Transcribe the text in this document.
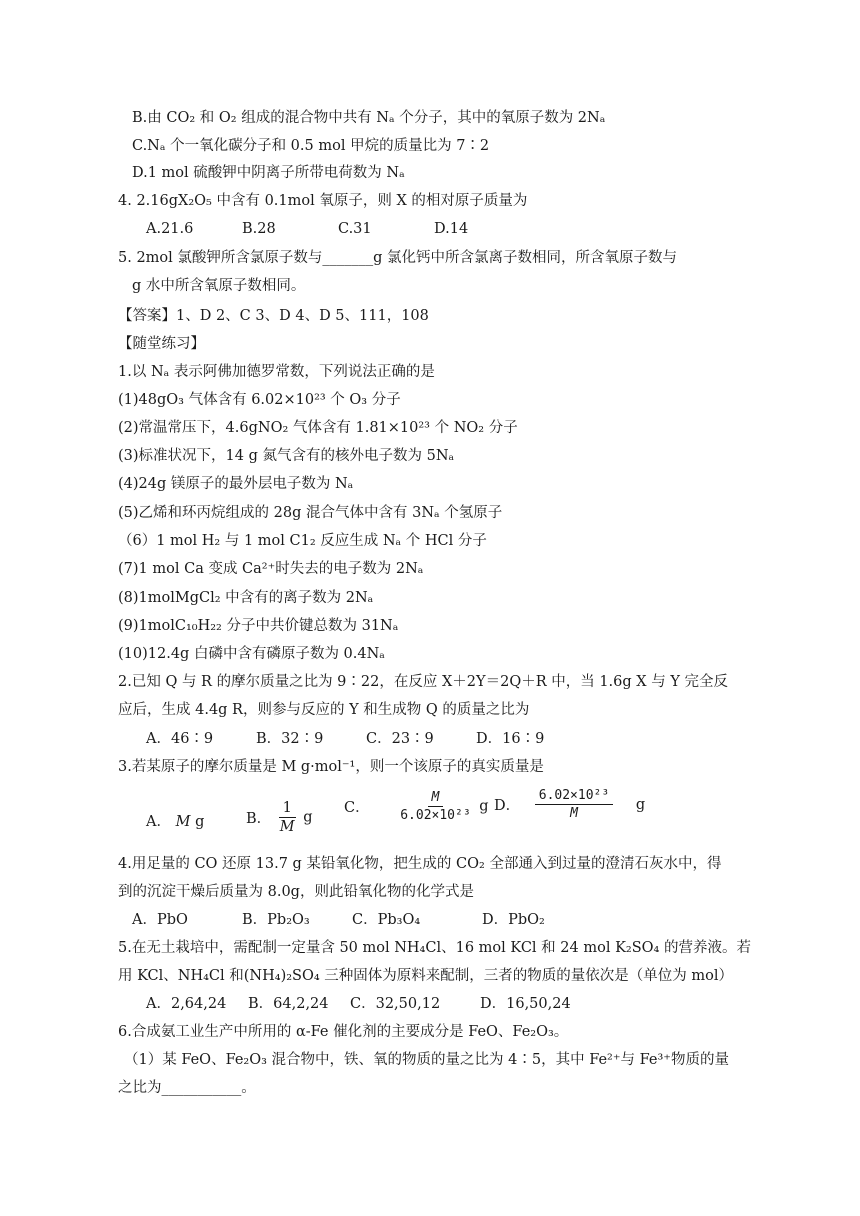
B.由 CO₂ 和 O₂ 组成的混合物中共有 Nₐ 个分子，其中的氧原子数为 2Nₐ
C.Nₐ 个一氧化碳分子和 0.5 mol 甲烷的质量比为 7∶2
D.1 mol 硫酸钾中阴离子所带电荷数为 Nₐ
4. 2.16gX₂O₅ 中含有 0.1mol 氧原子，则 X 的相对原子质量为
A.21.6	B.28	C.31	D.14
5. 2mol 氯酸钾所含氯原子数与_______g 氯化钙中所含氯离子数相同，所含氧原子数与
g 水中所含氧原子数相同。
【答案】1、D 2、C 3、D 4、D 5、111，108
【随堂练习】
1.以 Nₐ 表示阿佛加德罗常数，下列说法正确的是
(1)48gO₃ 气体含有 6.02×10²³ 个 O₃ 分子
(2)常温常压下，4.6gNO₂ 气体含有 1.81×10²³ 个 NO₂ 分子
(3)标准状况下，14 g 氮气含有的核外电子数为 5Nₐ
(4)24g 镁原子的最外层电子数为 Nₐ
(5)乙烯和环丙烷组成的 28g 混合气体中含有 3Nₐ 个氢原子
（6）1 mol H₂ 与 1 mol C1₂ 反应生成 Nₐ 个 HCl 分子
(7)1 mol Ca 变成 Ca²⁺时失去的电子数为 2Nₐ
(8)1molMgCl₂ 中含有的离子数为 2Nₐ
(9)1molC₁₀H₂₂ 分子中共价键总数为 31Nₐ
(10)12.4g 白磷中含有磷原子数为 0.4Nₐ
2.已知 Q 与 R 的摩尔质量之比为 9∶22，在反应 X＋2Y＝2Q＋R 中，当 1.6g X 与 Y 完全反
应后，生成 4.4g R，则参与反应的 Y 和生成物 Q 的质量之比为
A．46∶9	B．32∶9	C．23∶9	D．16∶9
3.若某原子的摩尔质量是 M g·mol⁻¹，则一个该原子的真实质量是
A． M g	B． $\frac{1}{M}$ g
C． $\frac{M}{\text{6.02×10²³}}$ g D． $\frac{\text{6.02×10²³}}{M}$ g
4.用足量的 CO 还原 13.7 g 某铅氧化物，把生成的 CO₂ 全部通入到过量的澄清石灰水中，得
到的沉淀干燥后质量为 8.0g，则此铅氧化物的化学式是
A．PbO	B．Pb₂O₃	C．Pb₃O₄	D．PbO₂
5.在无土栽培中，需配制一定量含 50 mol NH₄Cl、16 mol KCl 和 24 mol K₂SO₄ 的营养液。若
用 KCl、NH₄Cl 和(NH₄)₂SO₄ 三种固体为原料来配制，三者的物质的量依次是（单位为 mol）
A．2,64,24	B．64,2,24	C．32,50,12	D．16,50,24
6.合成氨工业生产中所用的 α-Fe 催化剂的主要成分是 FeO、Fe₂O₃。
（1）某 FeO、Fe₂O₃ 混合物中，铁、氧的物质的量之比为 4∶5，其中 Fe²⁺与 Fe³⁺物质的量
之比为___________。
